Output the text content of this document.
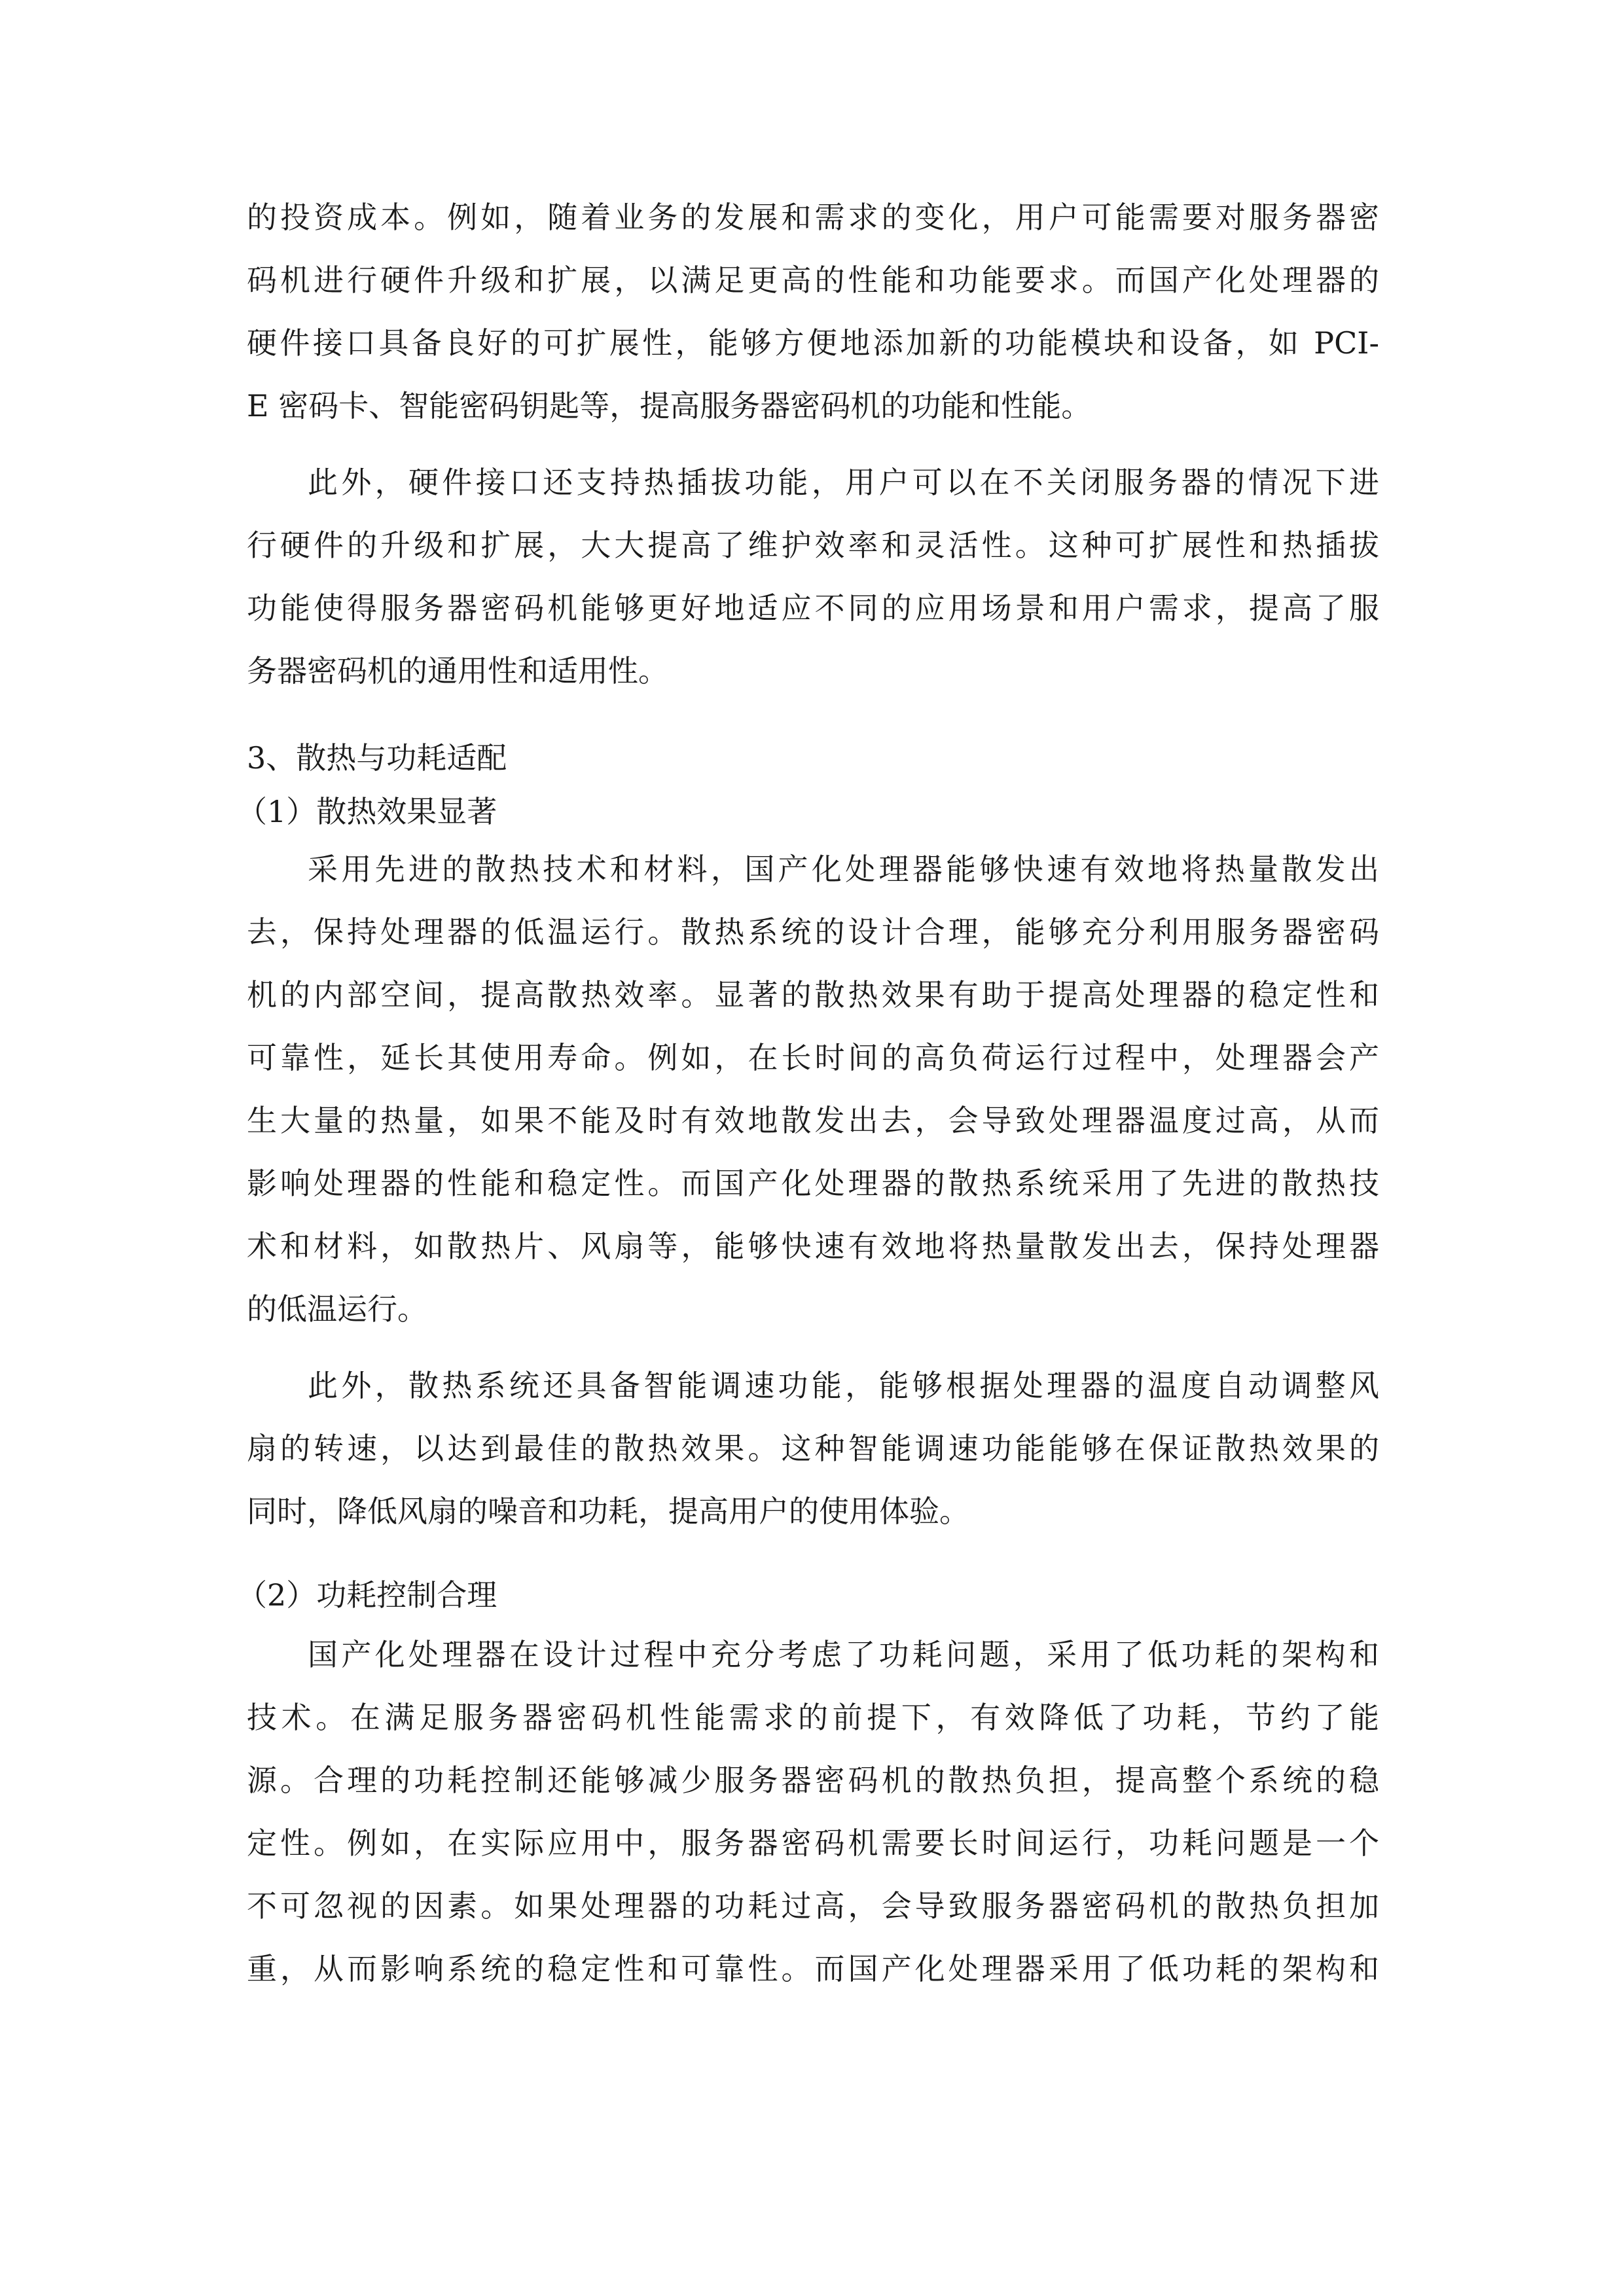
的投资成本。例如，随着业务的发展和需求的变化，用户可能需要对服务器密
码机进行硬件升级和扩展，以满足更高的性能和功能要求。而国产化处理器的
硬件接口具备良好的可扩展性，能够方便地添加新的功能模块和设备，如 PCI-
E 密码卡、智能密码钥匙等，提高服务器密码机的功能和性能。
此外，硬件接口还支持热插拔功能，用户可以在不关闭服务器的情况下进
行硬件的升级和扩展，大大提高了维护效率和灵活性。这种可扩展性和热插拔
功能使得服务器密码机能够更好地适应不同的应用场景和用户需求，提高了服
务器密码机的通用性和适用性。
3、散热与功耗适配
（1）散热效果显著
采用先进的散热技术和材料，国产化处理器能够快速有效地将热量散发出
去，保持处理器的低温运行。散热系统的设计合理，能够充分利用服务器密码
机的内部空间，提高散热效率。显著的散热效果有助于提高处理器的稳定性和
可靠性，延长其使用寿命。例如，在长时间的高负荷运行过程中，处理器会产
生大量的热量，如果不能及时有效地散发出去，会导致处理器温度过高，从而
影响处理器的性能和稳定性。而国产化处理器的散热系统采用了先进的散热技
术和材料，如散热片、风扇等，能够快速有效地将热量散发出去，保持处理器
的低温运行。
此外，散热系统还具备智能调速功能，能够根据处理器的温度自动调整风
扇的转速，以达到最佳的散热效果。这种智能调速功能能够在保证散热效果的
同时，降低风扇的噪音和功耗，提高用户的使用体验。
（2）功耗控制合理
国产化处理器在设计过程中充分考虑了功耗问题，采用了低功耗的架构和
技术。在满足服务器密码机性能需求的前提下，有效降低了功耗，节约了能
源。合理的功耗控制还能够减少服务器密码机的散热负担，提高整个系统的稳
定性。例如，在实际应用中，服务器密码机需要长时间运行，功耗问题是一个
不可忽视的因素。如果处理器的功耗过高，会导致服务器密码机的散热负担加
重，从而影响系统的稳定性和可靠性。而国产化处理器采用了低功耗的架构和
